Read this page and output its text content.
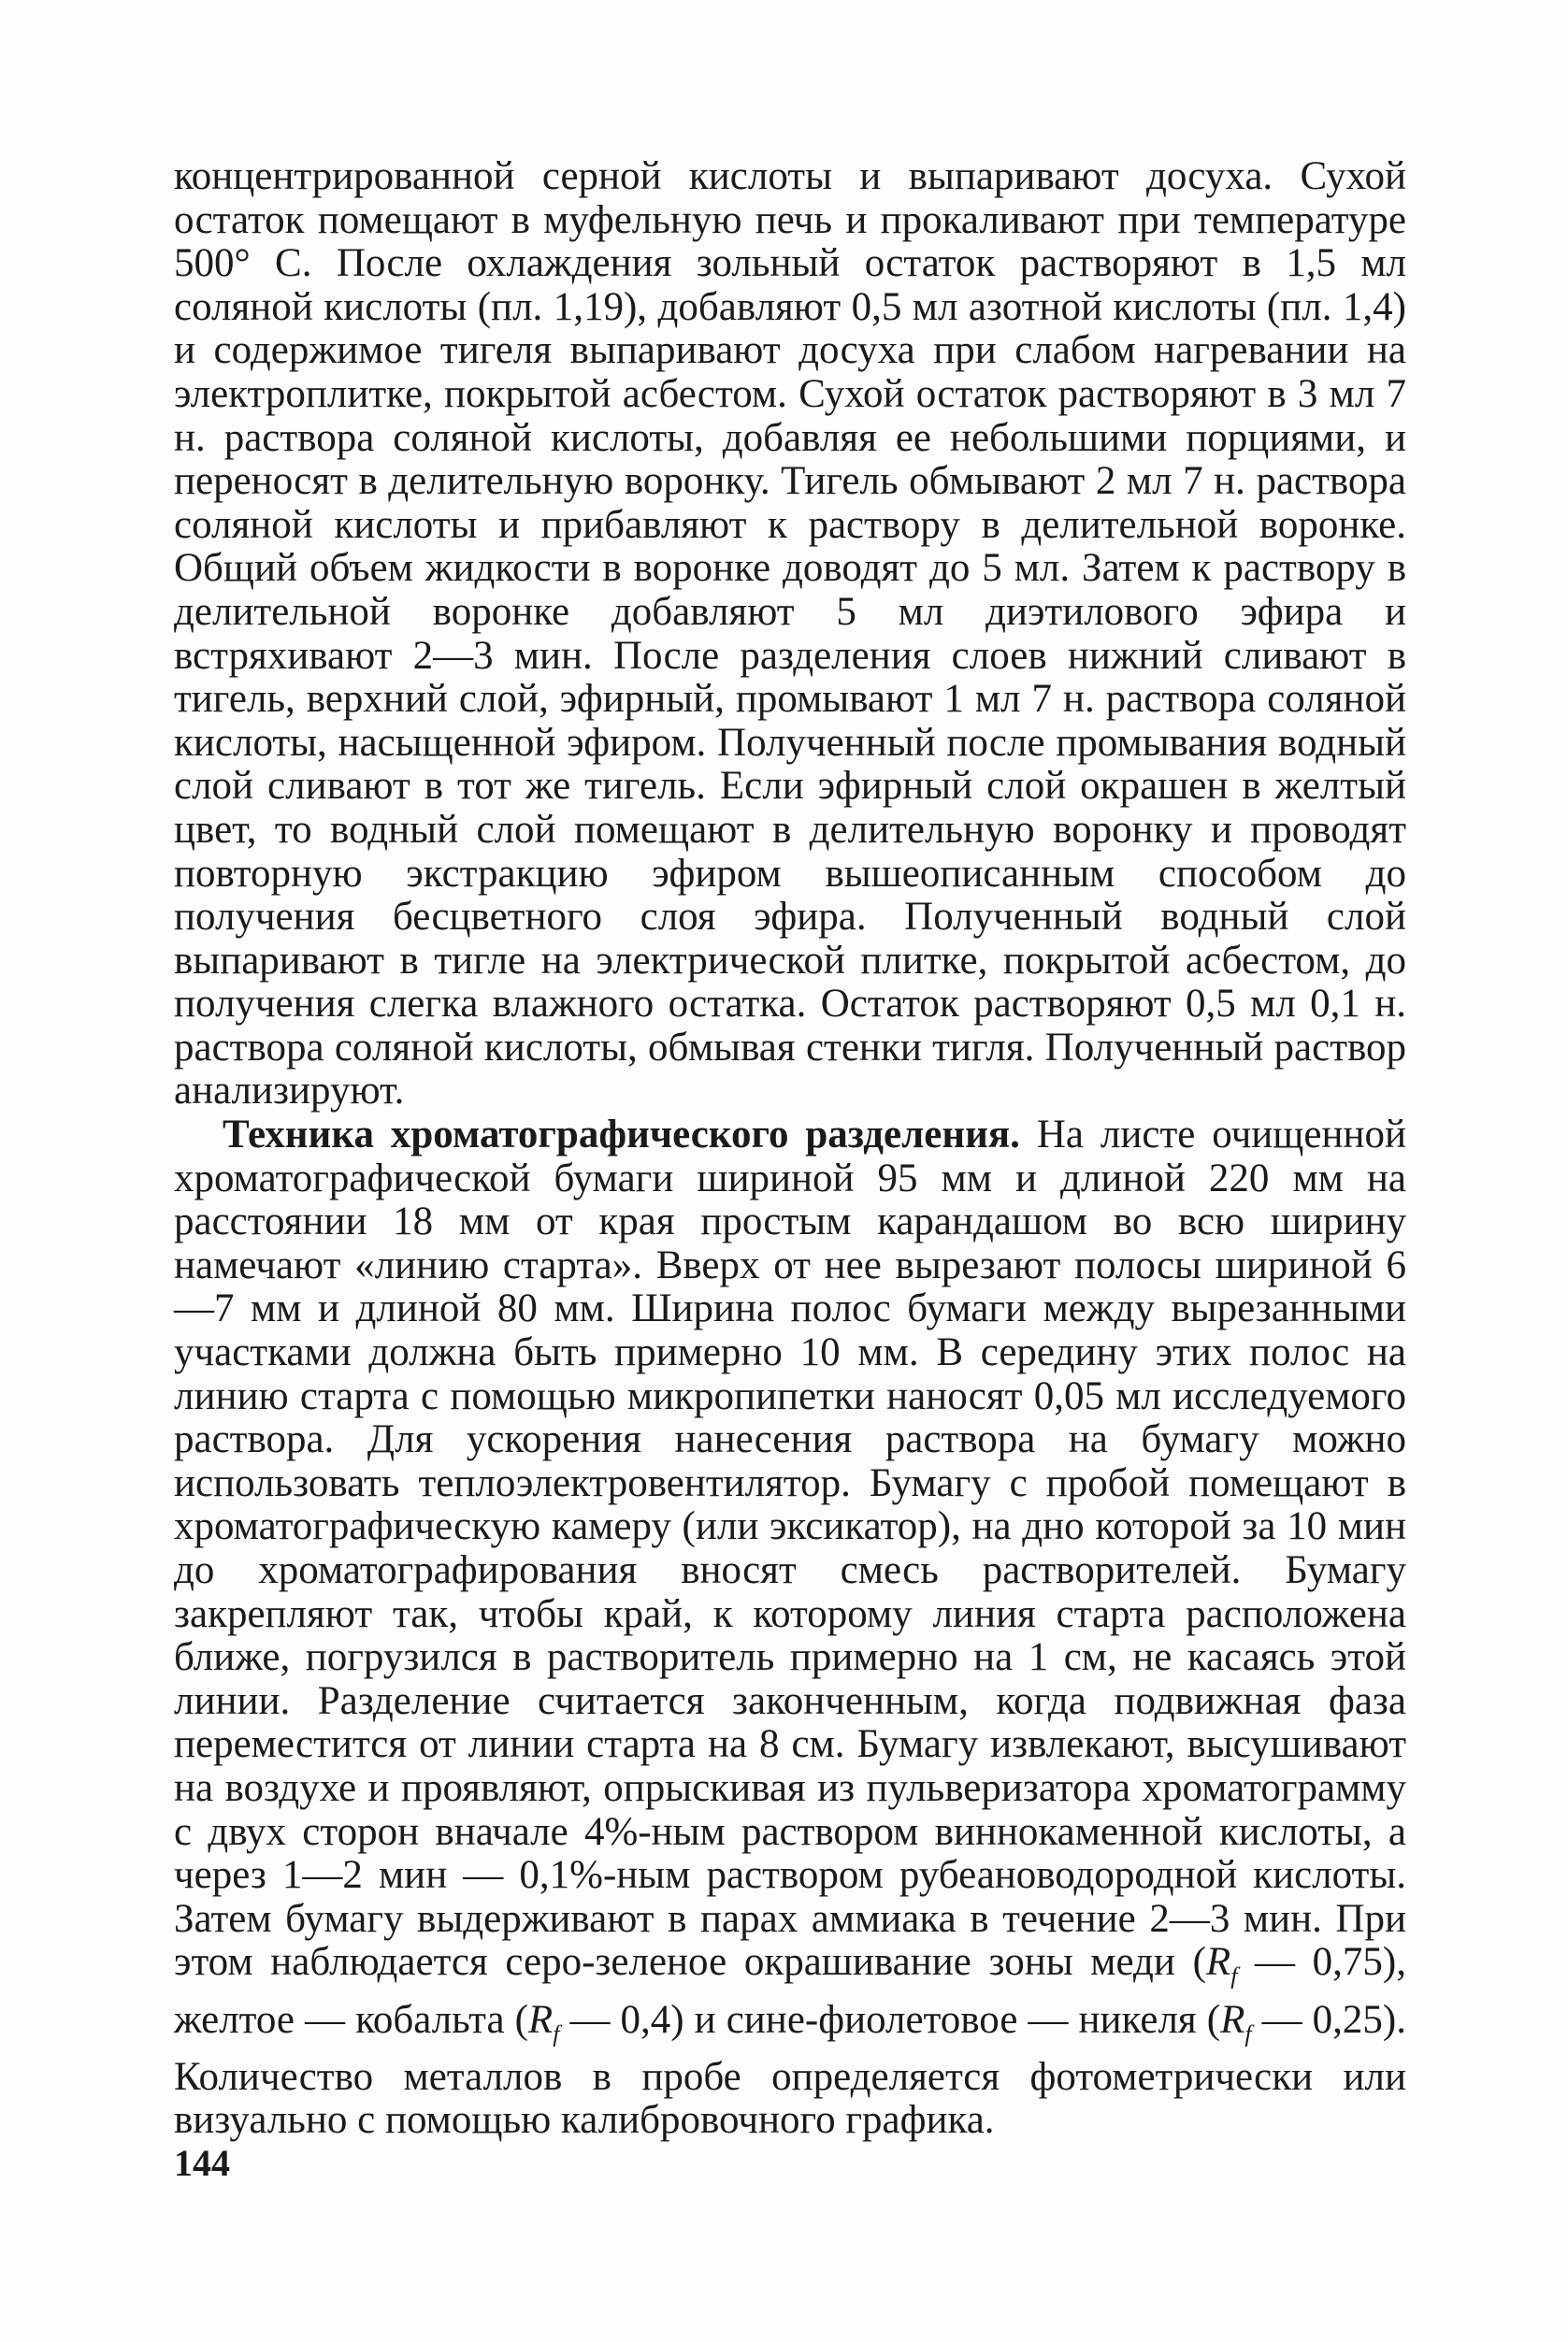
концентрированной серной кислоты и выпаривают досуха. Сухой остаток помещают в муфельную печь и прокаливают при температуре 500° С. После охлаждения зольный остаток растворяют в 1,5 мл соляной кислоты (пл. 1,19), добавляют 0,5 мл азотной кислоты (пл. 1,4) и содержимое тигеля выпаривают досуха при слабом нагревании на электроплитке, покрытой асбестом. Сухой остаток растворяют в 3 мл 7 н. раствора соляной кислоты, добавляя ее небольшими порциями, и переносят в делительную воронку. Тигель обмывают 2 мл 7 н. раствора соляной кислоты и прибавляют к раствору в делительной воронке. Общий объем жидкости в воронке доводят до 5 мл. Затем к раствору в делительной воронке добавляют 5 мл диэтилового эфира и встряхивают 2—3 мин. После разделения слоев нижний сливают в тигель, верхний слой, эфирный, промывают 1 мл 7 н. раствора соляной кислоты, насыщенной эфиром. Полученный после промывания водный слой сливают в тот же тигель. Если эфирный слой окрашен в желтый цвет, то водный слой помещают в делительную воронку и проводят повторную экстракцию эфиром вышеописанным способом до получения бесцветного слоя эфира. Полученный водный слой выпаривают в тигле на электрической плитке, покрытой асбестом, до получения слегка влажного остатка. Остаток растворяют 0,5 мл 0,1 н. раствора соляной кислоты, обмывая стенки тигля. Полученный раствор анализируют.

Техника хроматографического разделения. На листе очищенной хроматографической бумаги шириной 95 мм и длиной 220 мм на расстоянии 18 мм от края простым карандашом во всю ширину намечают «линию старта». Вверх от нее вырезают полосы шириной 6—7 мм и длиной 80 мм. Ширина полос бумаги между вырезанными участками должна быть примерно 10 мм. В середину этих полос на линию старта с помощью микропипетки наносят 0,05 мл исследуемого раствора. Для ускорения нанесения раствора на бумагу можно использовать теплоэлектровентилятор. Бумагу с пробой помещают в хроматографическую камеру (или эксикатор), на дно которой за 10 мин до хроматографирования вносят смесь растворителей. Бумагу закрепляют так, чтобы край, к которому линия старта расположена ближе, погрузился в растворитель примерно на 1 см, не касаясь этой линии. Разделение считается законченным, когда подвижная фаза переместится от линии старта на 8 см. Бумагу извлекают, высушивают на воздухе и проявляют, опрыскивая из пульверизатора хроматограмму с двух сторон вначале 4%-ным раствором виннокаменной кислоты, а через 1—2 мин — 0,1%-ным раствором рубеановодородной кислоты. Затем бумагу выдерживают в парах аммиака в течение 2—3 мин. При этом наблюдается серо-зеленое окрашивание зоны меди ($R_f$ — 0,75), желтое — кобальта ($R_f$ — 0,4) и сине-фиолетовое — никеля ($R_f$ — 0,25). Количество металлов в пробе определяется фотометрически или визуально с помощью калибровочного графика.

144
